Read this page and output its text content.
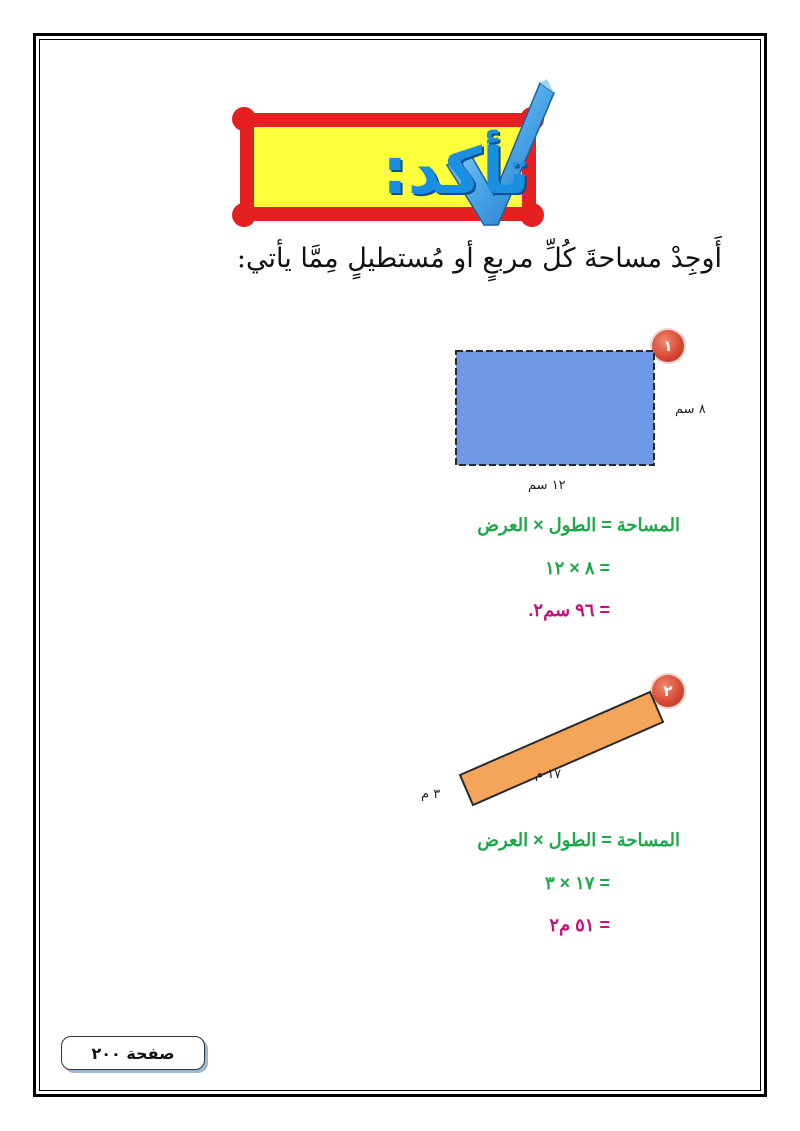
تأكد:
أَوجِدْ مساحةَ كُلِّ مربعٍ أو مُستطيلٍ مِمَّا يأتي:
١
٨ سم
١٢ سم
المساحة = الطول × العرض
= ٨ × ١٢
= ٩٦ سم٢.
٢
١٧ م
٣ م
المساحة = الطول × العرض
= ١٧ × ٣
= ٥١ م٢
صفحة ٢٠٠
